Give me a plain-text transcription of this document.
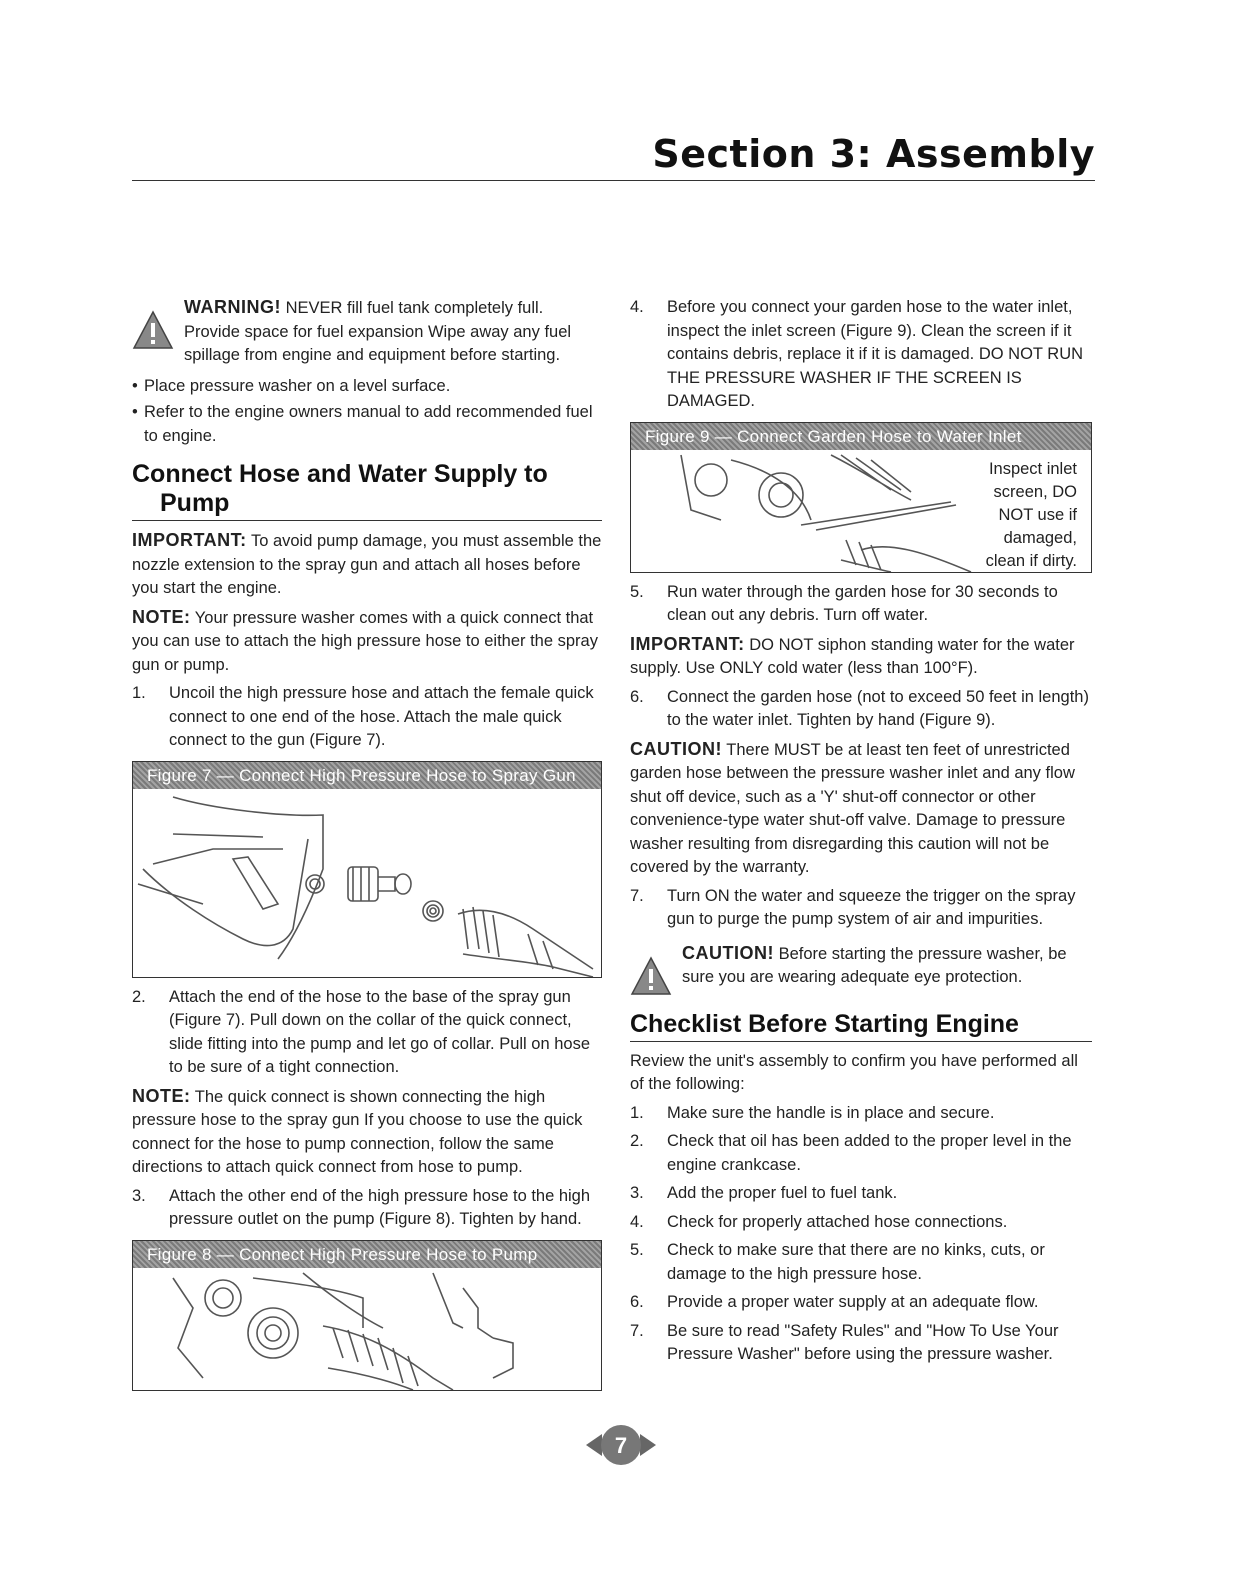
Section 3: Assembly
WARNING! NEVER fill fuel tank completely full. Provide space for fuel expansion Wipe away any fuel spillage from engine and equipment before starting.

• Place pressure washer on a level surface.

• Refer to the engine owners manual to add recommended fuel to engine.

Connect Hose and Water Supply to
Pump

IMPORTANT: To avoid pump damage, you must assemble the nozzle extension to the spray gun and attach all hoses before you start the engine.

NOTE: Your pressure washer comes with a quick connect that you can use to attach the high pressure hose to either the spray gun or pump.

1.	Uncoil the high pressure hose and attach the female quick connect to one end of the hose. Attach the male quick connect to the gun (Figure 7).
Figure 7 — Connect High Pressure Hose to Spray Gun
2.	Attach the end of the hose to the base of the spray gun (Figure 7). Pull down on the collar of the quick connect, slide fitting into the pump and let go of collar. Pull on hose to be sure of a tight connection.

NOTE: The quick connect is shown connecting the high pressure hose to the spray gun If you choose to use the quick connect for the hose to pump connection, follow the same directions to attach quick connect from hose to pump.

3.	Attach the other end of the high pressure hose to the high pressure outlet on the pump (Figure 8). Tighten by hand.
Figure 8 — Connect High Pressure Hose to Pump
4.	Before you connect your garden hose to the water inlet, inspect the inlet screen (Figure 9). Clean the screen if it contains debris, replace it if it is damaged. DO NOT RUN THE PRESSURE WASHER IF THE SCREEN IS DAMAGED.
Figure 9 — Connect Garden Hose to Water Inlet
Inspect inlet screen, DO NOT use if damaged, clean if dirty.
5.	Run water through the garden hose for 30 seconds to clean out any debris. Turn off water.

IMPORTANT: DO NOT siphon standing water for the water supply. Use ONLY cold water (less than 100°F).

6.	Connect the garden hose (not to exceed 50 feet in length) to the water inlet. Tighten by hand (Figure 9).

CAUTION! There MUST be at least ten feet of unrestricted garden hose between the pressure washer inlet and any flow shut off device, such as a 'Y' shut-off connector or other convenience-type water shut-off valve. Damage to pressure washer resulting from disregarding this caution will not be covered by the warranty.

7.	Turn ON the water and squeeze the trigger on the spray gun to purge the pump system of air and impurities.
CAUTION! Before starting the pressure washer, be sure you are wearing adequate eye protection.
Checklist Before Starting Engine

Review the unit's assembly to confirm you have performed all of the following:

1.	Make sure the handle is in place and secure.
2.	Check that oil has been added to the proper level in the engine crankcase.
3.	Add the proper fuel to fuel tank.
4.	Check for properly attached hose connections.
5.	Check to make sure that there are no kinks, cuts, or damage to the high pressure hose.
6.	Provide a proper water supply at an adequate flow.
7.	Be sure to read "Safety Rules" and "How To Use Your Pressure Washer" before using the pressure washer.
7
